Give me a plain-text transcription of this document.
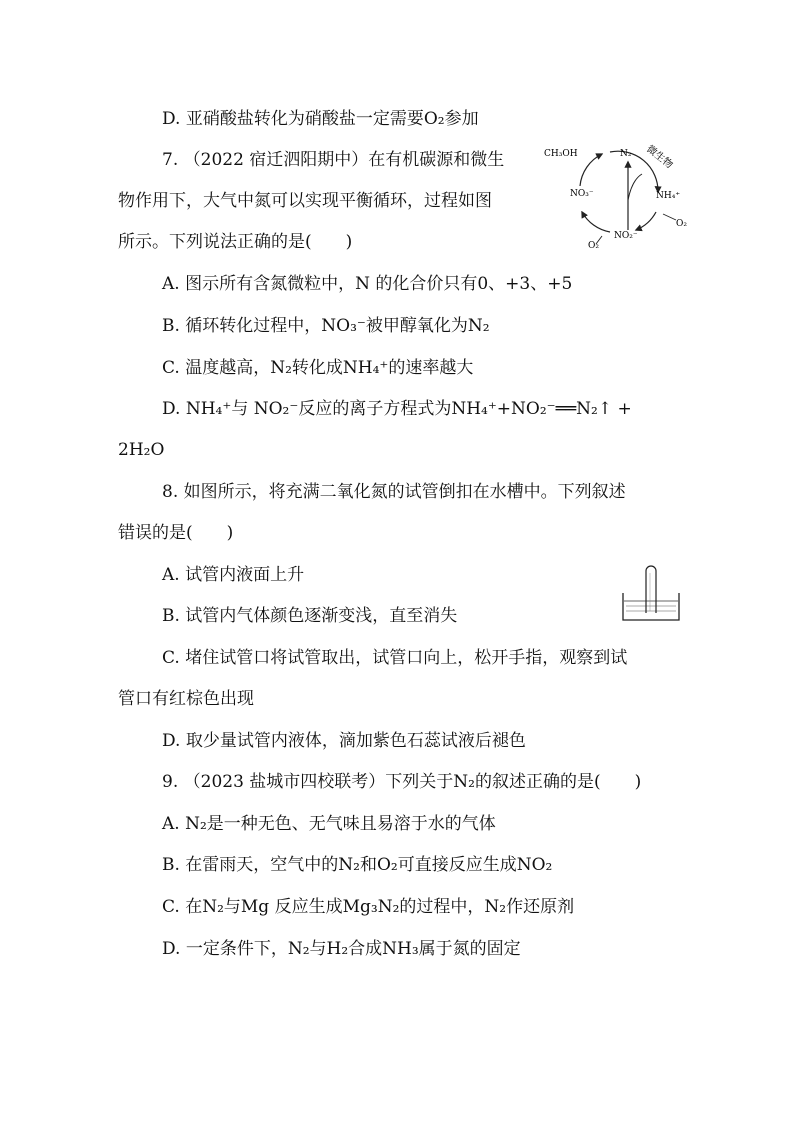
D. 亚硝酸盐转化为硝酸盐一定需要O₂参加
7. （2022 宿迁泗阳期中）在有机碳源和微生
物作用下，大气中氮可以实现平衡循环，过程如图
所示。下列说法正确的是(　　)
A. 图示所有含氮微粒中，N 的化合价只有0、+3、+5
B. 循环转化过程中，NO₃⁻被甲醇氧化为N₂
C. 温度越高，N₂转化成NH₄⁺的速率越大
D. NH₄⁺与 NO₂⁻反应的离子方程式为NH₄⁺+NO₂⁻══N₂↑ +
2H₂O
8. 如图所示，将充满二氧化氮的试管倒扣在水槽中。下列叙述
错误的是(　　)
A. 试管内液面上升
B. 试管内气体颜色逐渐变浅，直至消失
C. 堵住试管口将试管取出，试管口向上，松开手指，观察到试
管口有红棕色出现
D. 取少量试管内液体，滴加紫色石蕊试液后褪色
9. （2023 盐城市四校联考）下列关于N₂的叙述正确的是(　　)
A. N₂是一种无色、无气味且易溶于水的气体
B. 在雷雨天，空气中的N₂和O₂可直接反应生成NO₂
C. 在N₂与Mg 反应生成Mg₃N₂的过程中，N₂作还原剂
D. 一定条件下，N₂与H₂合成NH₃属于氮的固定
CH₃OH	N₂ 微生物
NO₃⁻	NH₄⁺
NO₂⁻
O₂
O₂
